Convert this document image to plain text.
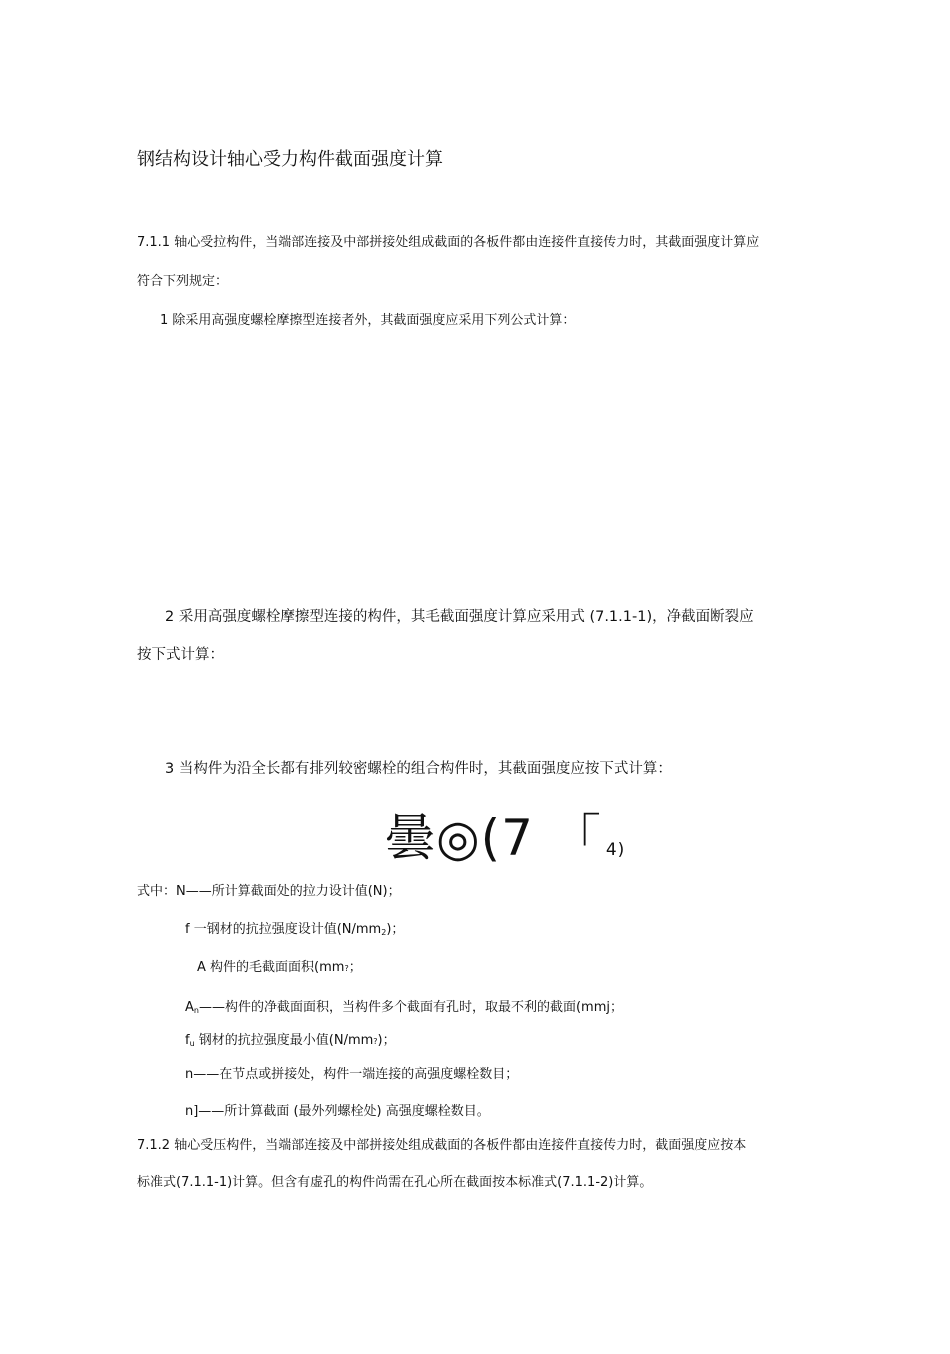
钢结构设计轴心受力构件截面强度计算
7.1.1 轴心受拉构件，当端部连接及中部拼接处组成截面的各板件都由连接件直接传力时，其截面强度计算应
符合下列规定：
1 除采用高强度螺栓摩擦型连接者外，其截面强度应采用下列公式计算：
2 采用高强度螺栓摩擦型连接的构件，其毛截面强度计算应采用式 (7.1.1-1)，净截面断裂应
按下式计算：
3 当构件为沿全长都有排列较密螺栓的组合构件时，其截面强度应按下式计算：
曇◎(7 「 4)
式中：N——所计算截面处的拉力设计值(N)；
f 一钢材的抗拉强度设计值$(N/mm_2)$；
A 构件的毛截面面积(mm?；
$A_n——$构件的净截面面积，当构件多个截面有孔时，取最不利的截面(mmj；
$f_u$ 钢材的抗拉强度最小值(N/mm?)；
n——在节点或拼接处，构件一端连接的高强度螺栓数目；
n]——所计算截面 (最外列螺栓处) 高强度螺栓数目。
7.1.2 轴心受压构件，当端部连接及中部拼接处组成截面的各板件都由连接件直接传力时，截面强度应按本
标准式(7.1.1-1)计算。但含有虚孔的构件尚需在孔心所在截面按本标准式(7.1.1-2)计算。
